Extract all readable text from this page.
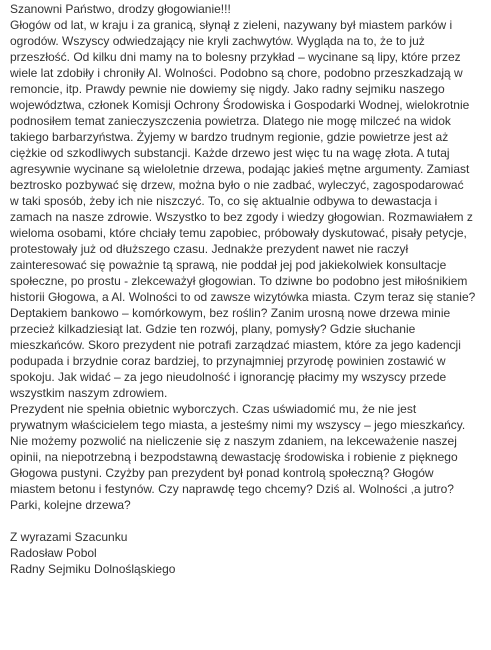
Szanowni Państwo, drodzy głogowianie!!!
Głogów od lat, w kraju i za granicą, słynął z zieleni, nazywany był miastem parków i
ogrodów. Wszyscy odwiedzający nie kryli zachwytów. Wygląda na to, że to już
przeszłość. Od kilku dni mamy na to bolesny przykład – wycinane są lipy, które przez
wiele lat zdobiły i chroniły Al. Wolności. Podobno są chore, podobno przeszkadzają w
remoncie, itp. Prawdy pewnie nie dowiemy się nigdy. Jako radny sejmiku naszego
województwa, członek Komisji Ochrony Środowiska i Gospodarki Wodnej, wielokrotnie
podnosiłem temat zanieczyszczenia powietrza. Dlatego nie mogę milczeć na widok
takiego barbarzyństwa. Żyjemy w bardzo trudnym regionie, gdzie powietrze jest aż
ciężkie od szkodliwych substancji. Każde drzewo jest więc tu na wagę złota. A tutaj
agresywnie wycinane są wieloletnie drzewa, podając jakieś mętne argumenty. Zamiast
beztrosko pozbywać się drzew, można było o nie zadbać, wyleczyć, zagospodarować
w taki sposób, żeby ich nie niszczyć. To, co się aktualnie odbywa to dewastacja i
zamach na nasze zdrowie. Wszystko to bez zgody i wiedzy głogowian. Rozmawiałem z
wieloma osobami, które chciały temu zapobiec, próbowały dyskutować, pisały petycje,
protestowały już od dłuższego czasu. Jednakże prezydent nawet nie raczył
zainteresować się poważnie tą sprawą, nie poddał jej pod jakiekolwiek konsultacje
społeczne, po prostu - zlekceważył głogowian. To dziwne bo podobno jest miłośnikiem
historii Głogowa, a Al. Wolności to od zawsze wizytówka miasta. Czym teraz się stanie?
Deptakiem bankowo – komórkowym, bez roślin? Zanim urosną nowe drzewa minie
przecież kilkadziesiąt lat. Gdzie ten rozwój, plany, pomysły? Gdzie słuchanie
mieszkańców. Skoro prezydent nie potrafi zarządzać miastem, które za jego kadencji
podupada i brzydnie coraz bardziej, to przynajmniej przyrodę powinien zostawić w
spokoju. Jak widać – za jego nieudolność i ignorancję płacimy my wszyscy przede
wszystkim naszym zdrowiem.
Prezydent nie spełnia obietnic wyborczych. Czas uświadomić mu, że nie jest
prywatnym właścicielem tego miasta, a jesteśmy nimi my wszyscy – jego mieszkańcy.
Nie możemy pozwolić na nieliczenie się z naszym zdaniem, na lekceważenie naszej
opinii, na niepotrzebną i bezpodstawną dewastację środowiska i robienie z pięknego
Głogowa pustyni. Czyżby pan prezydent był ponad kontrolą społeczną? Głogów
miastem betonu i festynów. Czy naprawdę tego chcemy? Dziś al. Wolności ,a jutro?
Parki, kolejne drzewa?
Z wyrazami Szacunku
Radosław Pobol
Radny Sejmiku Dolnośląskiego
